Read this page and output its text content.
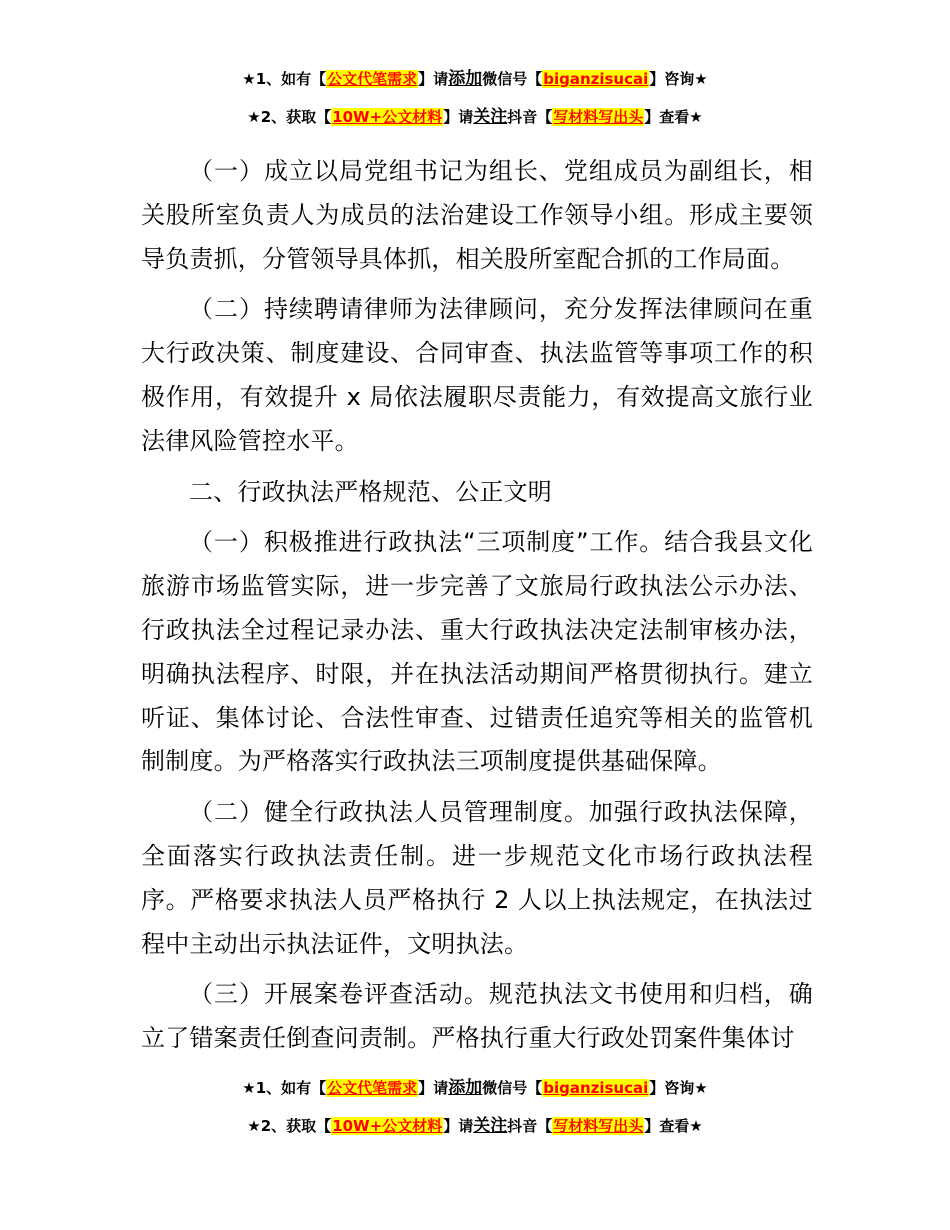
★1、如有【公文代笔需求】请添加微信号【biganzisucai】咨询★
★2、获取【10W+公文材料】请关注抖音【写材料写出头】查看★

（一）成立以局党组书记为组长、党组成员为副组长，相关股所室负责人为成员的法治建设工作领导小组。形成主要领导负责抓，分管领导具体抓，相关股所室配合抓的工作局面。

（二）持续聘请律师为法律顾问，充分发挥法律顾问在重大行政决策、制度建设、合同审查、执法监管等事项工作的积极作用，有效提升 x 局依法履职尽责能力，有效提高文旅行业法律风险管控水平。

二、行政执法严格规范、公正文明

（一）积极推进行政执法“三项制度”工作。结合我县文化旅游市场监管实际，进一步完善了文旅局行政执法公示办法、行政执法全过程记录办法、重大行政执法决定法制审核办法，明确执法程序、时限，并在执法活动期间严格贯彻执行。建立听证、集体讨论、合法性审查、过错责任追究等相关的监管机制制度。为严格落实行政执法三项制度提供基础保障。

（二）健全行政执法人员管理制度。加强行政执法保障，全面落实行政执法责任制。进一步规范文化市场行政执法程序。严格要求执法人员严格执行 2 人以上执法规定，在执法过程中主动出示执法证件，文明执法。

（三）开展案卷评查活动。规范执法文书使用和归档，确立了错案责任倒查问责制。严格执行重大行政处罚案件集体讨

★1、如有【公文代笔需求】请添加微信号【biganzisucai】咨询★
★2、获取【10W+公文材料】请关注抖音【写材料写出头】查看★
